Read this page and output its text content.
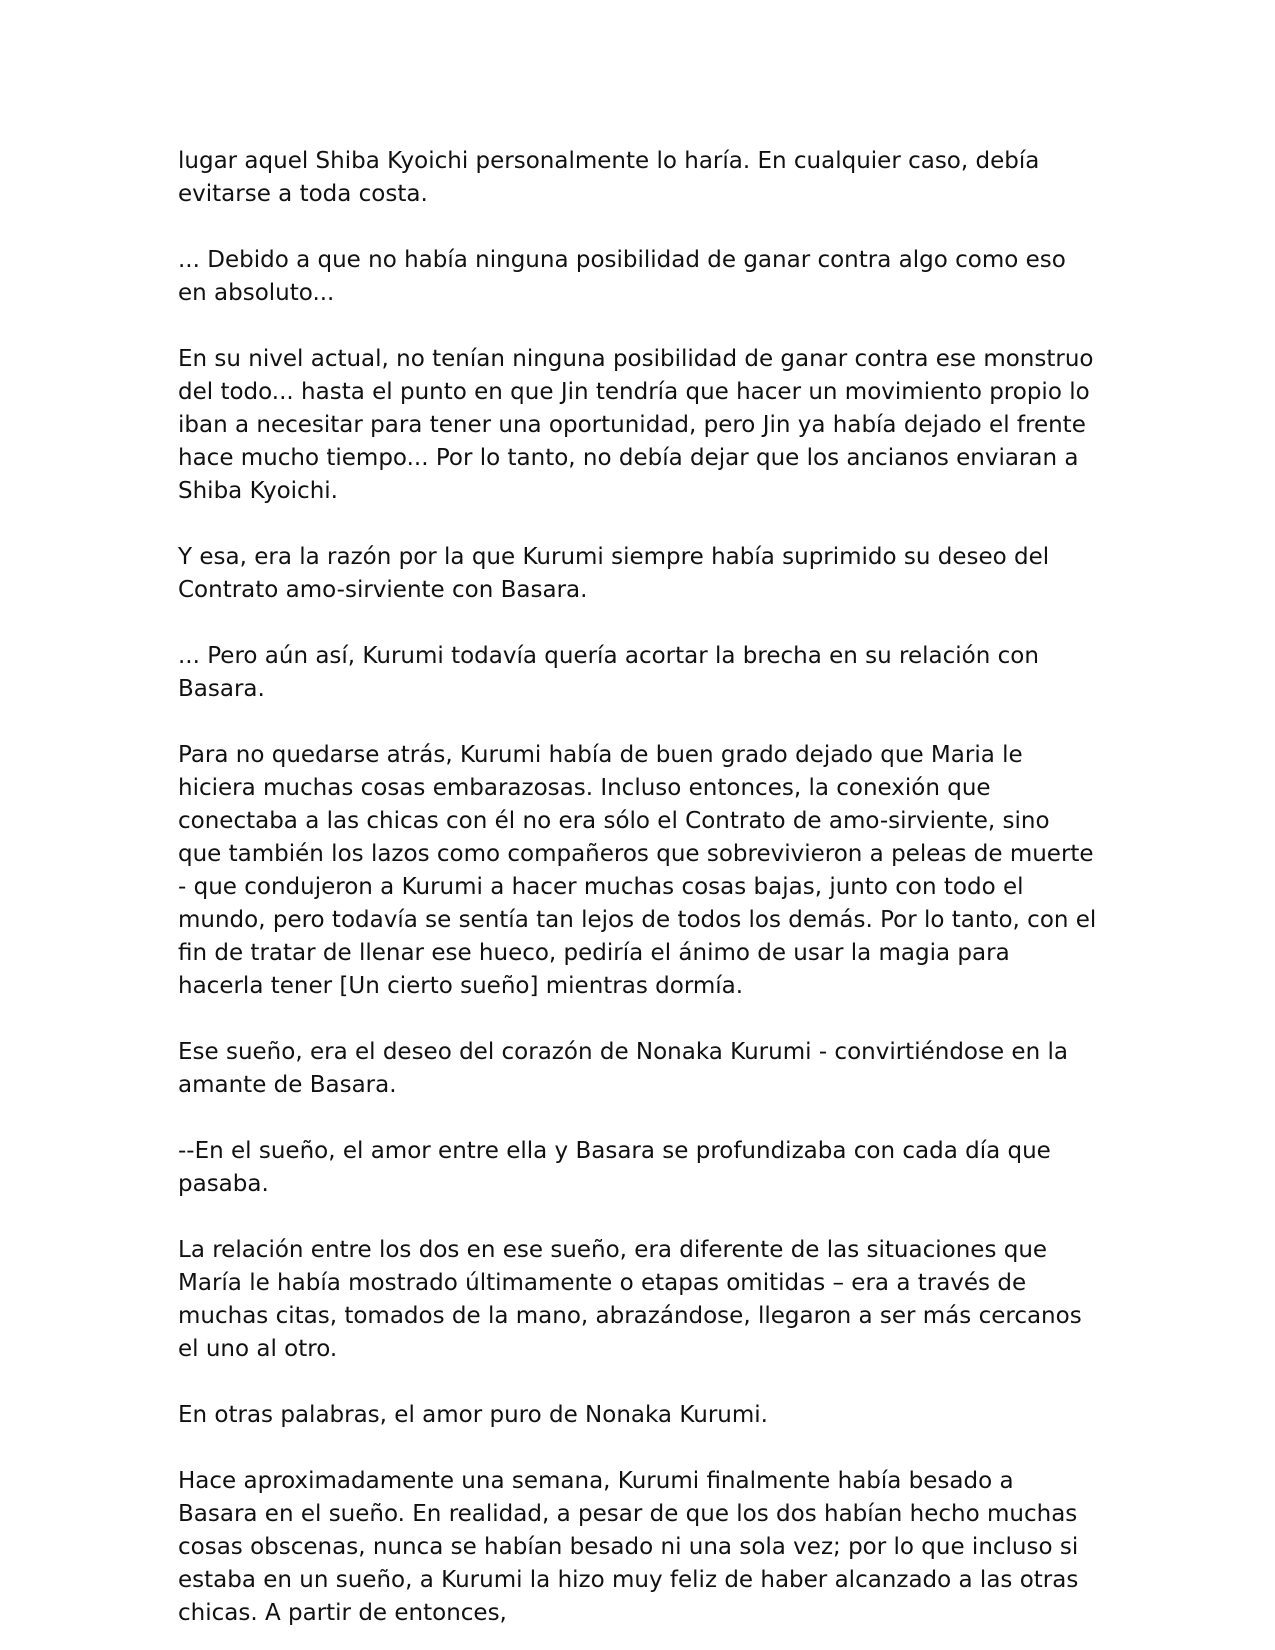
lugar aquel Shiba Kyoichi personalmente lo haría. En cualquier caso, debía evitarse a toda costa.

... Debido a que no había ninguna posibilidad de ganar contra algo como eso en absoluto...

En su nivel actual, no tenían ninguna posibilidad de ganar contra ese monstruo del todo... hasta el punto en que Jin tendría que hacer un movimiento propio lo iban a necesitar para tener una oportunidad, pero Jin ya había dejado el frente hace mucho tiempo... Por lo tanto, no debía dejar que los ancianos enviaran a Shiba Kyoichi.

Y esa, era la razón por la que Kurumi siempre había suprimido su deseo del Contrato amo-sirviente con Basara.

... Pero aún así, Kurumi todavía quería acortar la brecha en su relación con Basara.

Para no quedarse atrás, Kurumi había de buen grado dejado que Maria le hiciera muchas cosas embarazosas. Incluso entonces, la conexión que conectaba a las chicas con él no era sólo el Contrato de amo-sirviente, sino que también los lazos como compañeros que sobrevivieron a peleas de muerte - que condujeron a Kurumi a hacer muchas cosas bajas, junto con todo el mundo, pero todavía se sentía tan lejos de todos los demás. Por lo tanto, con el fin de tratar de llenar ese hueco, pediría el ánimo de usar la magia para hacerla tener [Un cierto sueño] mientras dormía.

Ese sueño, era el deseo del corazón de Nonaka Kurumi - convirtiéndose en la amante de Basara.

--En el sueño, el amor entre ella y Basara se profundizaba con cada día que pasaba.

La relación entre los dos en ese sueño, era diferente de las situaciones que María le había mostrado últimamente o etapas omitidas – era a través de muchas citas, tomados de la mano, abrazándose, llegaron a ser más cercanos el uno al otro.

En otras palabras, el amor puro de Nonaka Kurumi.

Hace aproximadamente una semana, Kurumi finalmente había besado a Basara en el sueño. En realidad, a pesar de que los dos habían hecho muchas cosas obscenas, nunca se habían besado ni una sola vez; por lo que incluso si estaba en un sueño, a Kurumi la hizo muy feliz de haber alcanzado a las otras chicas. A partir de entonces,
